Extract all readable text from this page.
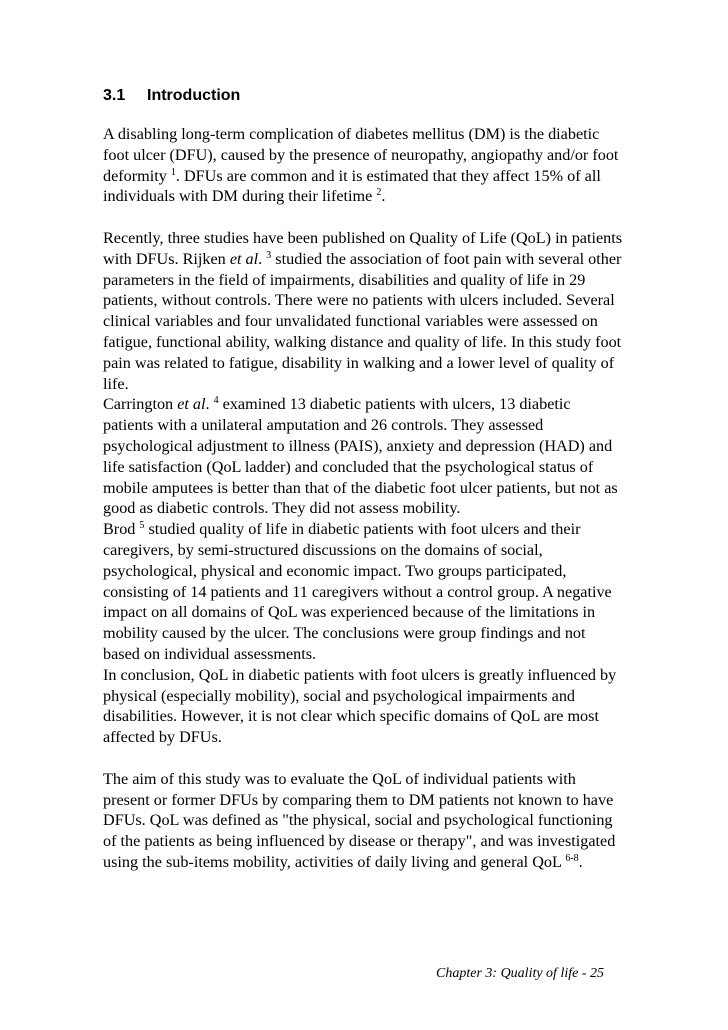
3.1 Introduction

A disabling long-term complication of diabetes mellitus (DM) is the diabetic foot ulcer (DFU), caused by the presence of neuropathy, angiopathy and/or foot deformity $^1$. DFUs are common and it is estimated that they affect 15% of all individuals with DM during their lifetime $^2$.

Recently, three studies have been published on Quality of Life (QoL) in patients with DFUs. Rijken et al. $^3$ studied the association of foot pain with several other parameters in the field of impairments, disabilities and quality of life in 29 patients, without controls. There were no patients with ulcers included. Several clinical variables and four unvalidated functional variables were assessed on fatigue, functional ability, walking distance and quality of life. In this study foot pain was related to fatigue, disability in walking and a lower level of quality of life.

Carrington et al. $^4$ examined 13 diabetic patients with ulcers, 13 diabetic patients with a unilateral amputation and 26 controls. They assessed psychological adjustment to illness (PAIS), anxiety and depression (HAD) and life satisfaction (QoL ladder) and concluded that the psychological status of mobile amputees is better than that of the diabetic foot ulcer patients, but not as good as diabetic controls. They did not assess mobility.

Brod $^5$ studied quality of life in diabetic patients with foot ulcers and their caregivers, by semi-structured discussions on the domains of social, psychological, physical and economic impact. Two groups participated, consisting of 14 patients and 11 caregivers without a control group. A negative impact on all domains of QoL was experienced because of the limitations in mobility caused by the ulcer. The conclusions were group findings and not based on individual assessments.

In conclusion, QoL in diabetic patients with foot ulcers is greatly influenced by physical (especially mobility), social and psychological impairments and disabilities. However, it is not clear which specific domains of QoL are most affected by DFUs.

The aim of this study was to evaluate the QoL of individual patients with present or former DFUs by comparing them to DM patients not known to have DFUs. QoL was defined as "the physical, social and psychological functioning of the patients as being influenced by disease or therapy", and was investigated using the sub-items mobility, activities of daily living and general QoL $^{6-8}$.

Chapter 3: Quality of life - 25
